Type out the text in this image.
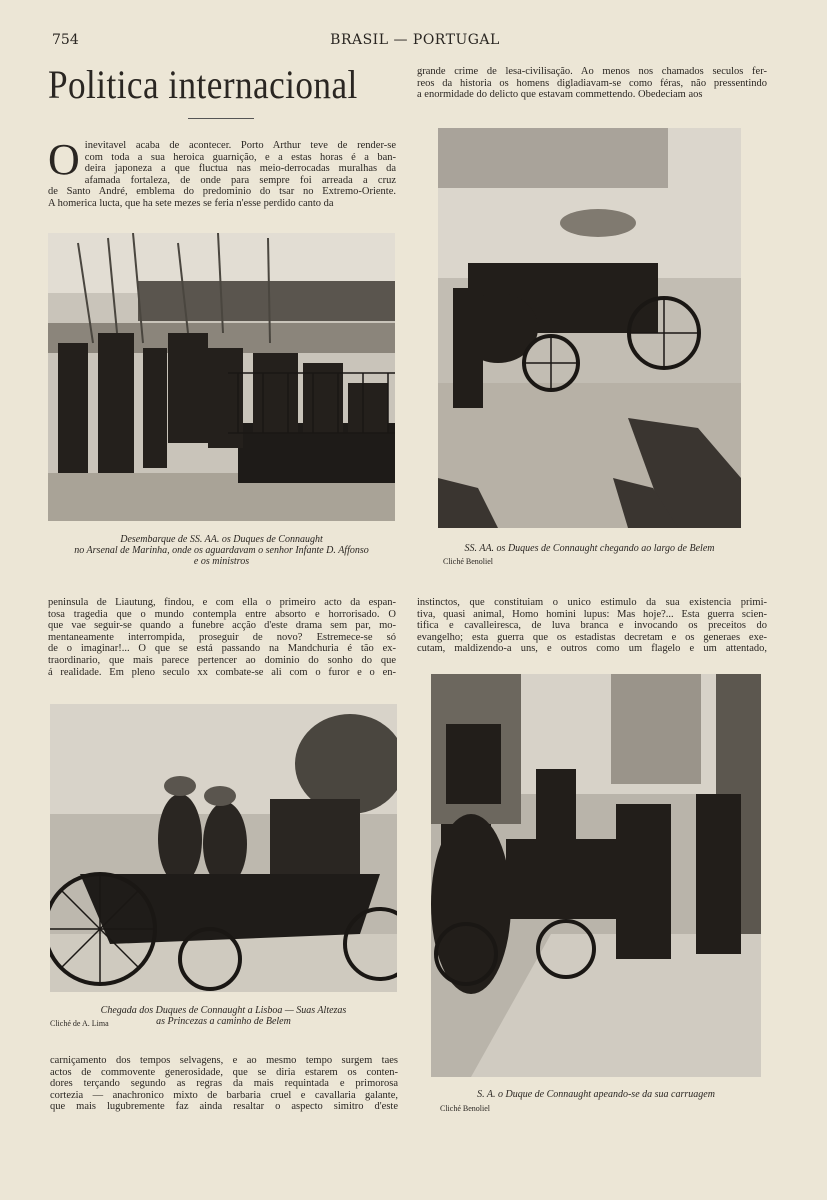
754	BRASIL — PORTUGAL
Politica internacional	grande crime de lesa-civilisação. Ao menos nos chamados seculos fer-
reos da historia os homens digladiavam-se como féras, não pressentindo
a enormidade do delicto que estavam commettendo. Obedeciam aos
O inevitavel acaba de acontecer. Porto Arthur teve de render-se
com toda a sua heroica guarnição, e a estas horas é a ban-
deira japoneza a que fluctua nas meio-derrocadas muralhas da
afamada fortaleza, de onde para sempre foi arreada a cruz
de Santo André, emblema do predominio do tsar no Extremo-Oriente.
A homerica lucta, que ha sete mezes se feria n'esse perdido canto da
Desembarque de SS. AA. os Duques de Connaught
no Arsenal de Marinha, onde os aguardavam o senhor Infante D. Affonso
e os ministros
SS. AA. os Duques de Connaught chegando ao largo de Belem
Cliché Benoliel
peninsula de Liautung, findou, e com ella o primeiro acto da espan-
tosa tragedia que o mundo contempla entre absorto e horrorisado. O
que vae seguir-se quando a funebre acção d'este drama sem par, mo-
mentaneamente interrompida, proseguir de novo? Estremece-se só
de o imaginar!... O que se está passando na Mandchuria é tão ex-
traordinario, que mais parece pertencer ao dominio do sonho do que
á realidade. Em pleno seculo xx combate-se ali com o furor e o en-
instinctos, que constituiam o unico estimulo da sua existencia primi-
tiva, quasi animal, Homo homini lupus: Mas hoje?... Esta guerra scien-
tifica e cavalleiresca, de luva branca e invocando os preceitos do
evangelho; esta guerra que os estadistas decretam e os generaes exe-
cutam, maldizendo-a uns, e outros como um flagelo e um attentado,
Chegada dos Duques de Connaught a Lisboa — Suas Altezas
Cliché de A. Lima	as Princezas a caminho de Belem
S. A. o Duque de Connaught apeando-se da sua carruagem
Cliché Benoliel
carniçamento dos tempos selvagens, e ao mesmo tempo surgem taes
actos de commovente generosidade, que se diria estarem os conten-
dores terçando segundo as regras da mais requintada e primorosa
cortezia — anachronico mixto de barbaria cruel e cavallaria galante,
que mais lugubremente faz ainda resaltar o aspecto simitro d'este
